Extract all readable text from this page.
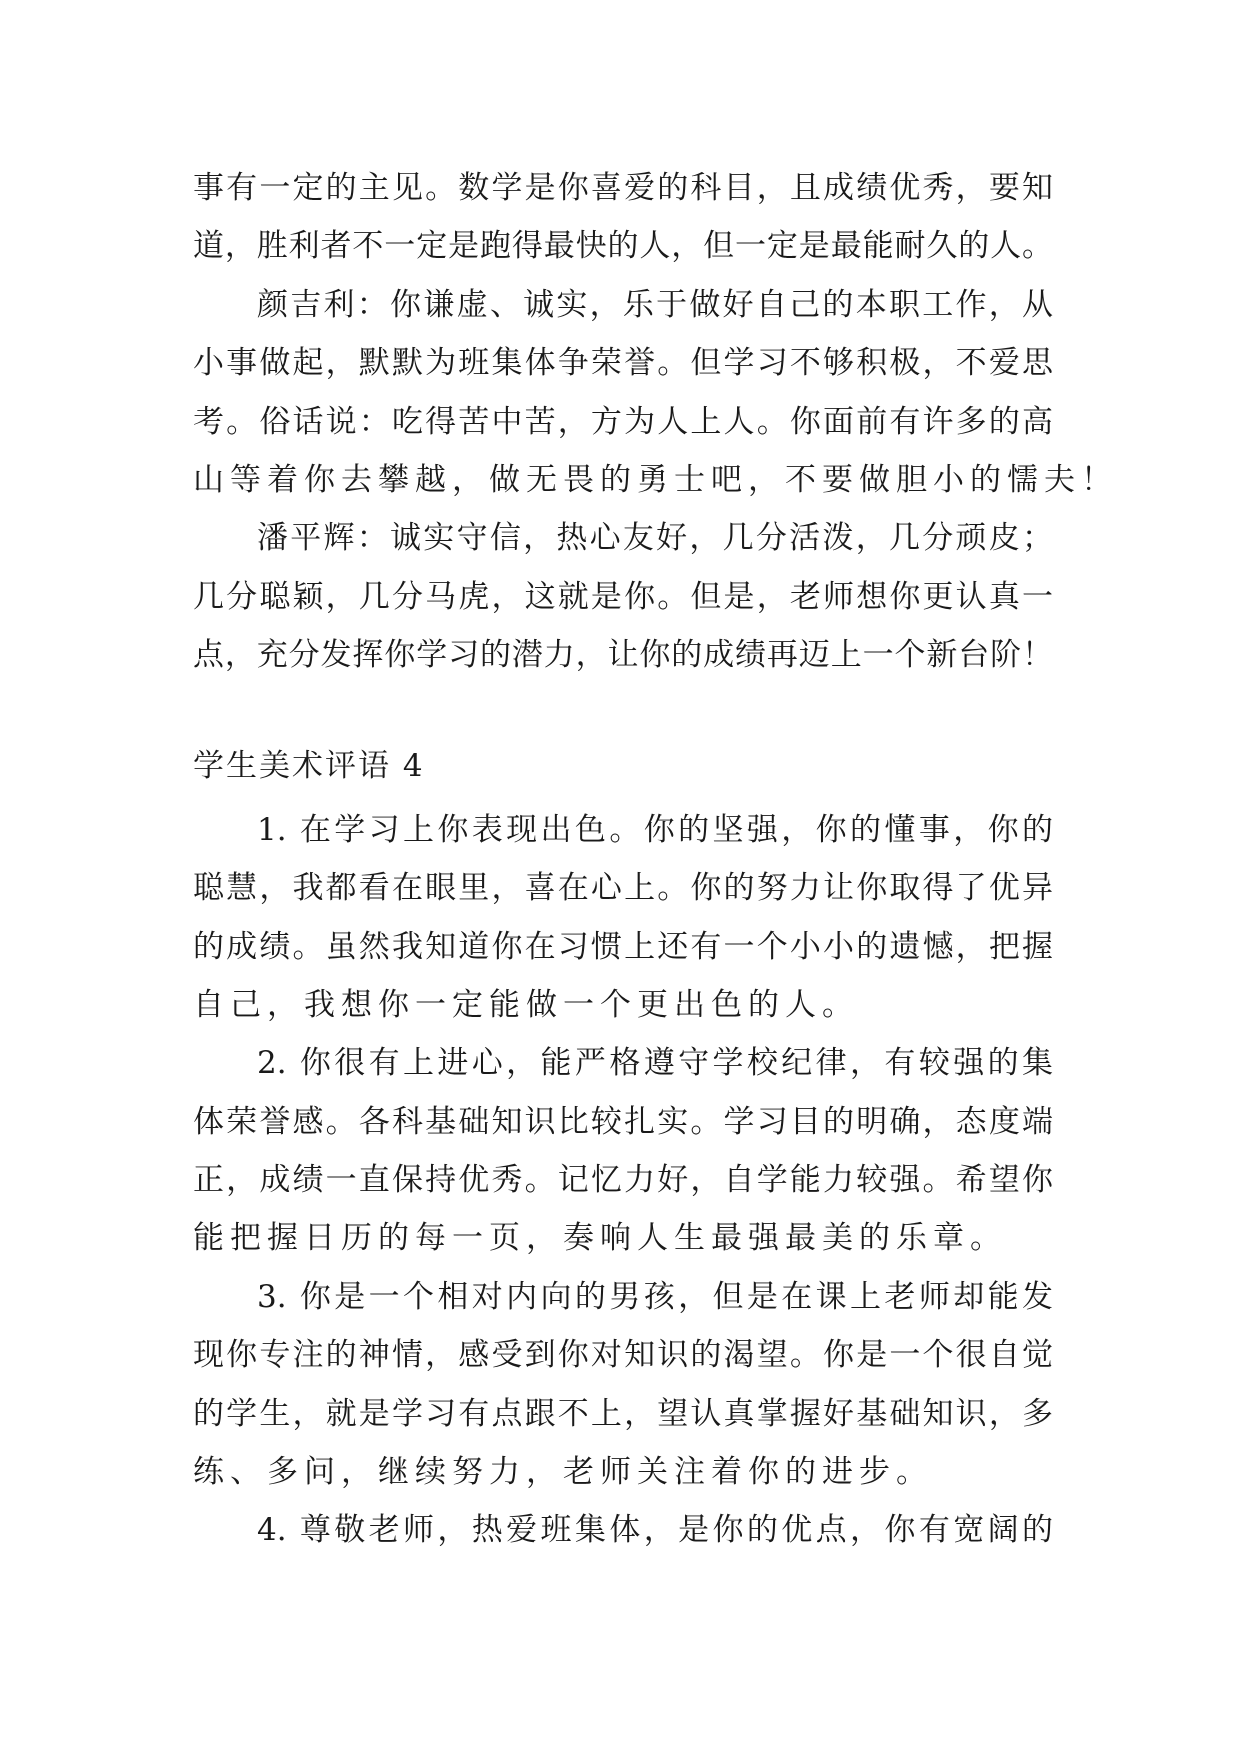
事有一定的主见。数学是你喜爱的科目，且成绩优秀，要知
道，胜利者不一定是跑得最快的人，但一定是最能耐久的人。
颜吉利：你谦虚、诚实，乐于做好自己的本职工作，从
小事做起，默默为班集体争荣誉。但学习不够积极，不爱思
考。俗话说：吃得苦中苦，方为人上人。你面前有许多的高
山等着你去攀越，做无畏的勇士吧，不要做胆小的懦夫！
潘平辉：诚实守信，热心友好，几分活泼，几分顽皮；
几分聪颖，几分马虎，这就是你。但是，老师想你更认真一
点，充分发挥你学习的潜力，让你的成绩再迈上一个新台阶！
学生美术评语 4
1. 在学习上你表现出色。你的坚强，你的懂事，你的
聪慧，我都看在眼里，喜在心上。你的努力让你取得了优异
的成绩。虽然我知道你在习惯上还有一个小小的遗憾，把握
自己，我想你一定能做一个更出色的人。
2. 你很有上进心，能严格遵守学校纪律，有较强的集
体荣誉感。各科基础知识比较扎实。学习目的明确，态度端
正，成绩一直保持优秀。记忆力好，自学能力较强。希望你
能把握日历的每一页，奏响人生最强最美的乐章。
3. 你是一个相对内向的男孩，但是在课上老师却能发
现你专注的神情，感受到你对知识的渴望。你是一个很自觉
的学生，就是学习有点跟不上，望认真掌握好基础知识，多
练、多问，继续努力，老师关注着你的进步。
4. 尊敬老师，热爱班集体，是你的优点，你有宽阔的
